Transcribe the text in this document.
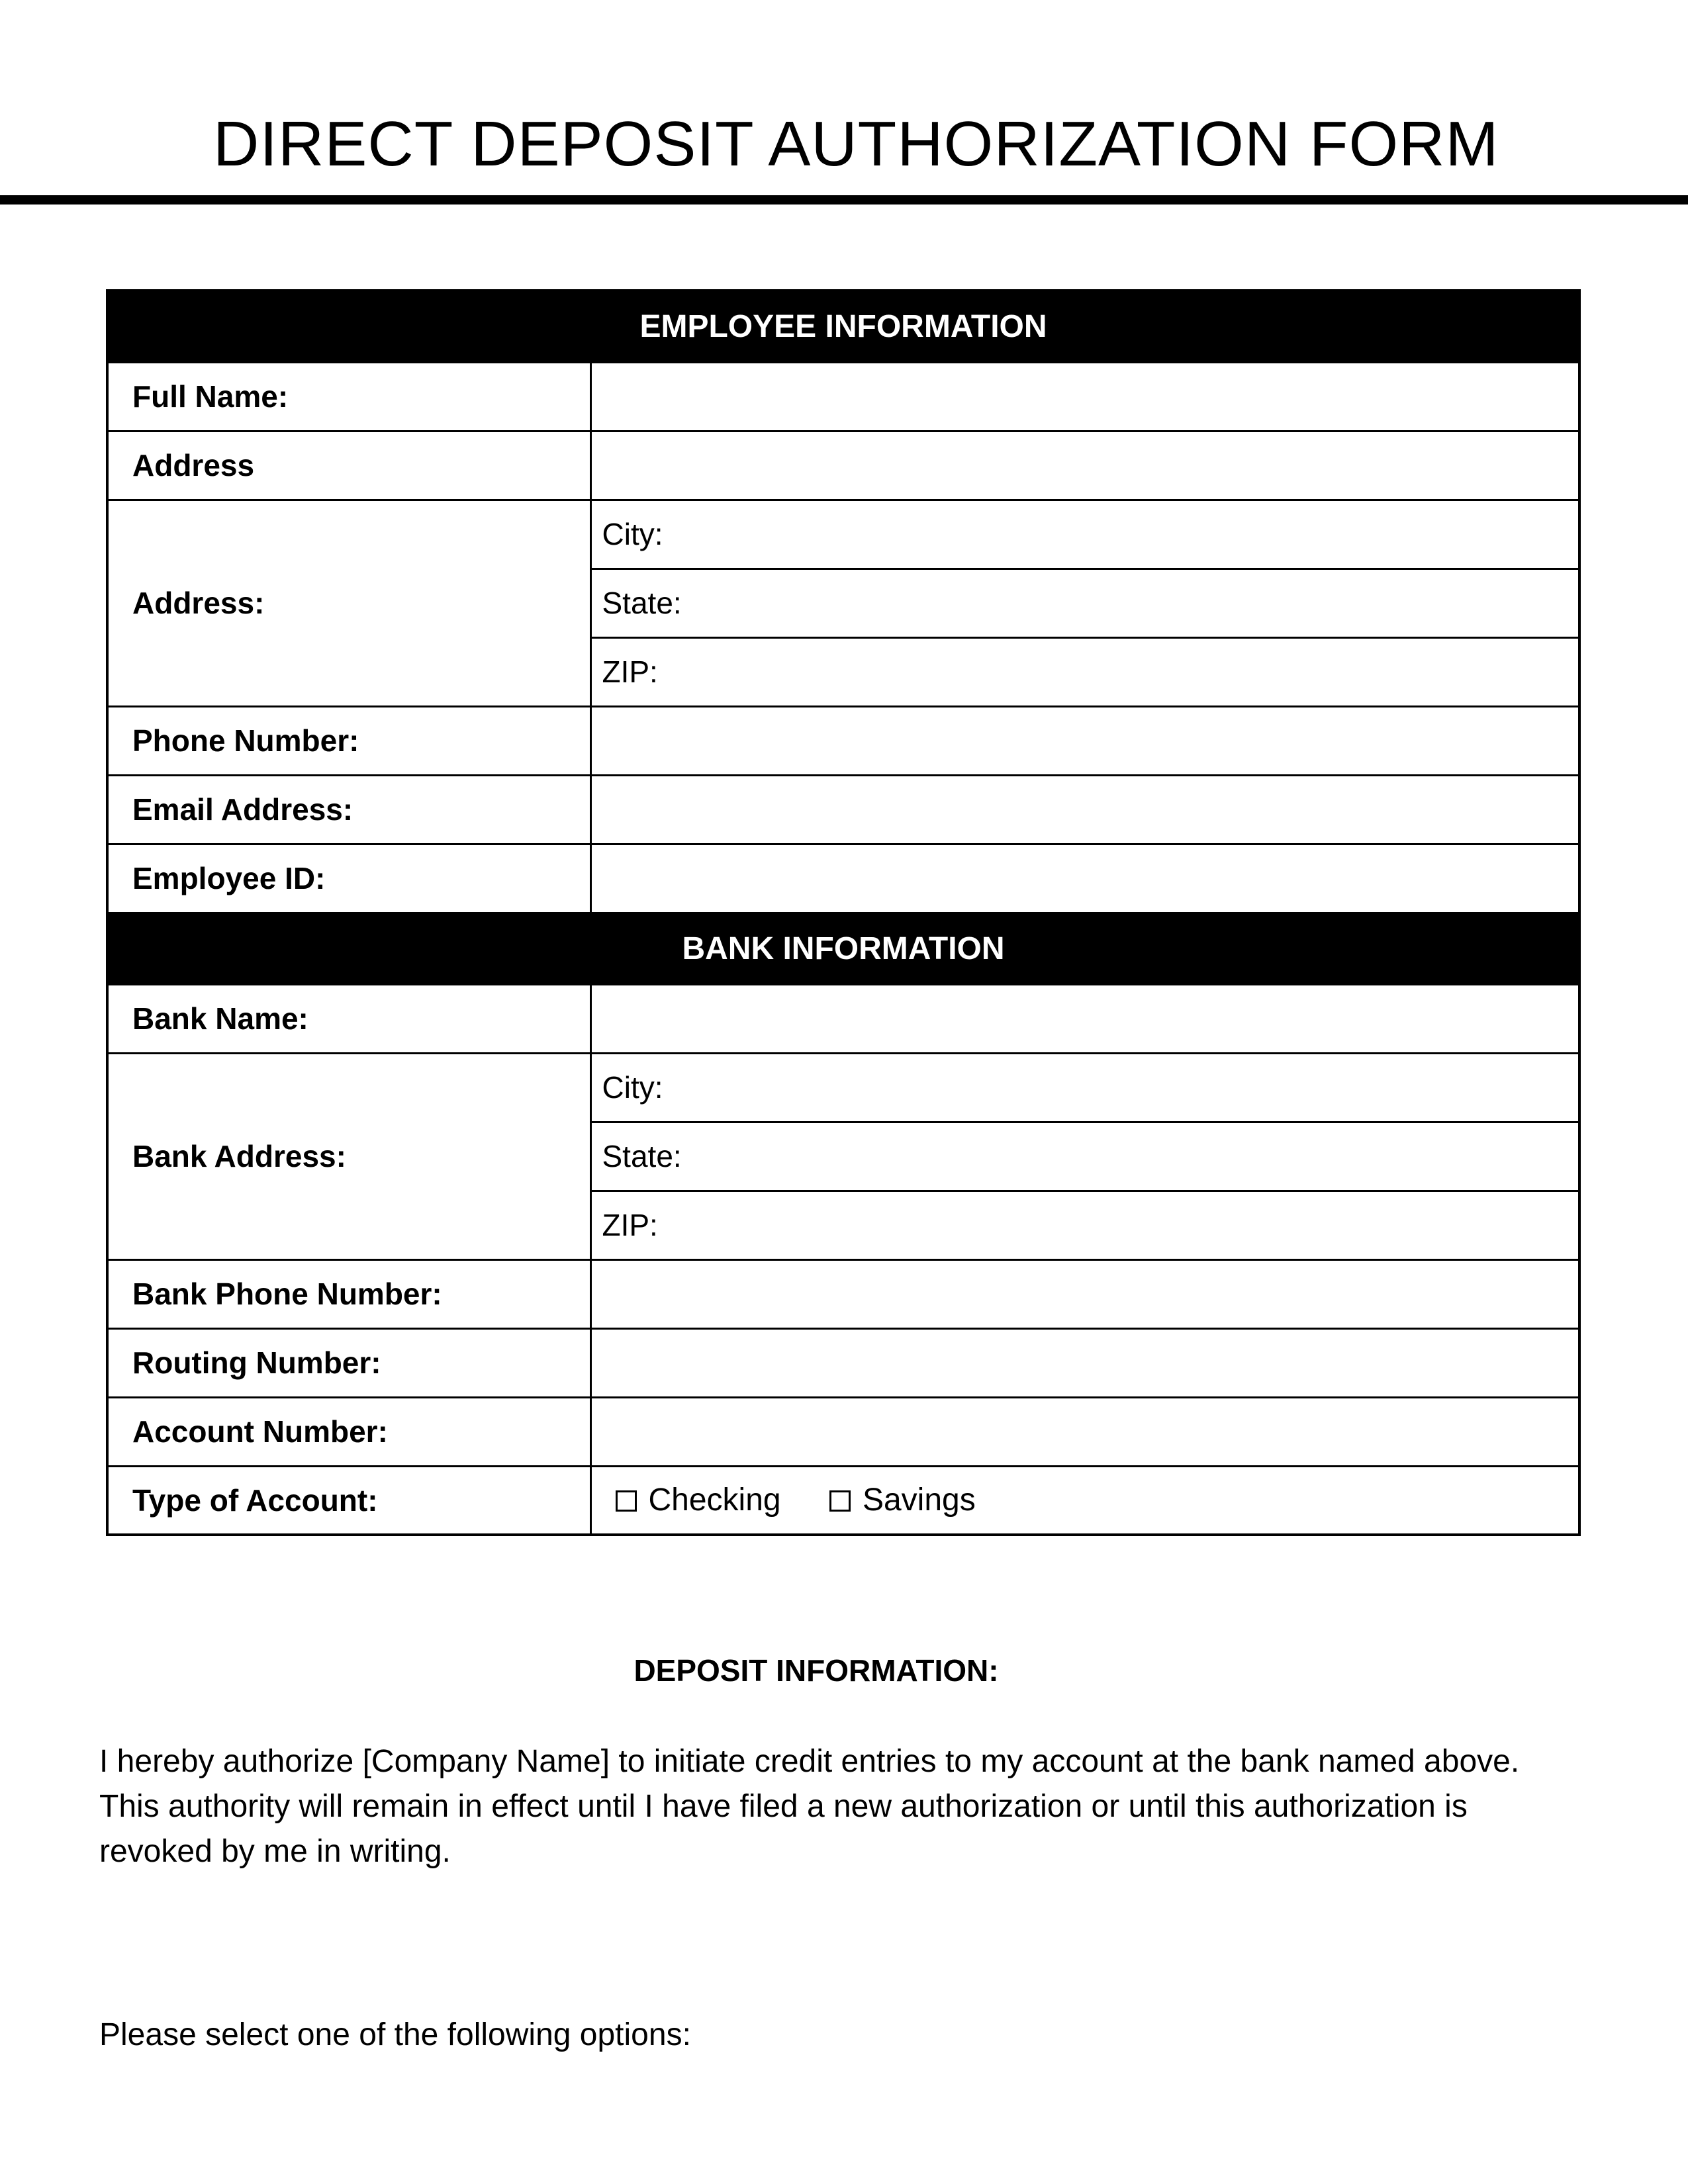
DIRECT DEPOSIT AUTHORIZATION FORM
EMPLOYEE INFORMATION	
Full Name:	
Address	
Address:	City:
	State:
	ZIP:
Phone Number:	
Email Address:	
Employee ID:	
BANK INFORMATION	
Bank Name:	
Bank Address:	City:
	State:
	ZIP:
Bank Phone Number:	
Routing Number:	
Account Number:	
Type of Account:	Checking Savings

DEPOSIT INFORMATION:

I hereby authorize [Company Name] to initiate credit entries to my account at the bank named above. This authority will remain in effect until I have filed a new authorization or until this authorization is revoked by me in writing.

Please select one of the following options:
